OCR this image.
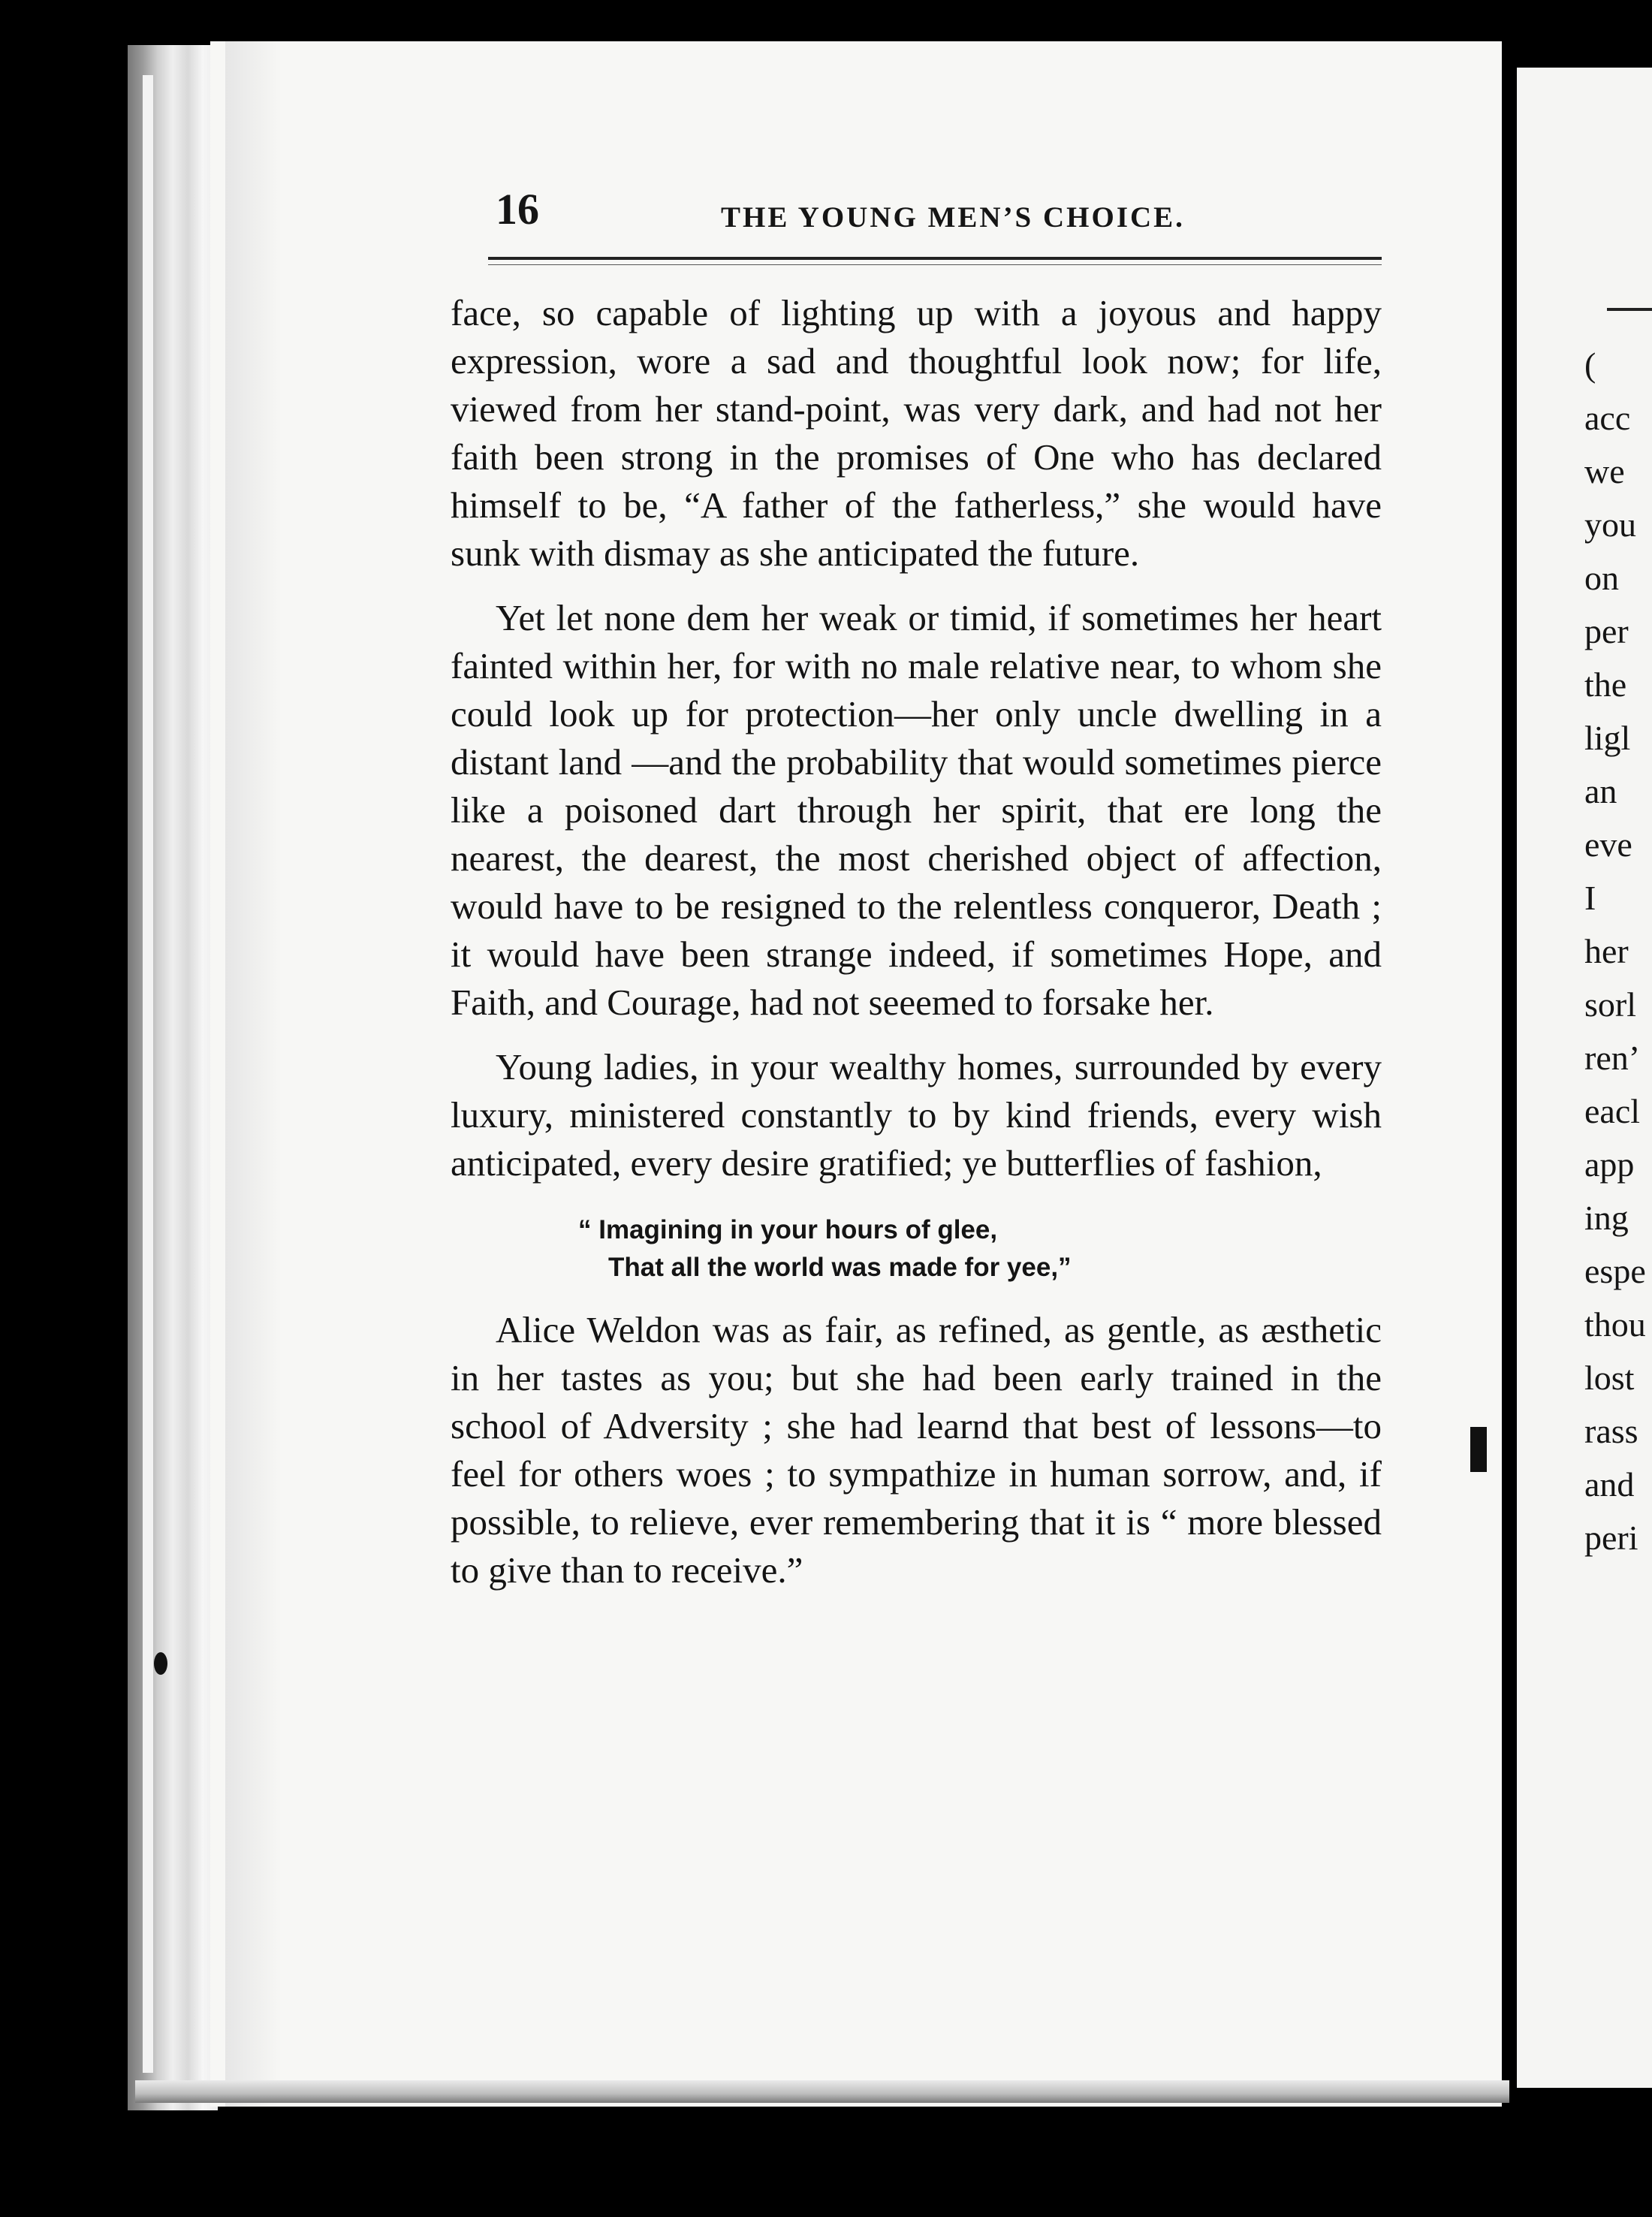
(
acc
we
you
on
per
the
ligl
an
eve
I
her
sorl
ren’
eacl
app
ing
espe
thou
lost
rass
and
peri
16	THE YOUNG MEN’S CHOICE.

face, so capable of lighting up with a joyous and happy expression, wore a sad and thoughtful look now; for life, viewed from her stand-point, was very dark, and had not her faith been strong in the promises of One who has declared himself to be, “A father of the fatherless,” she would have sunk with dismay as she anticipated the future.

Yet let none dem her weak or timid, if sometimes her heart fainted within her, for with no male relative near, to whom she could look up for protection—her only uncle dwelling in a distant land —and the probability that would sometimes pierce like a poisoned dart through her spirit, that ere long the nearest, the dearest, the most cherished object of affection, would have to be resigned to the relentless conqueror, Death ; it would have been strange indeed, if sometimes Hope, and Faith, and Courage, had not seeemed to forsake her.

Young ladies, in your wealthy homes, surrounded by every luxury, ministered constantly to by kind friends, every wish anticipated, every desire gratified; ye butterflies of fashion,

“ Imagining in your hours of glee,
That all the world was made for yee,”

Alice Weldon was as fair, as refined, as gentle, as æsthetic in her tastes as you; but she had been early trained in the school of Adversity ; she had learnd that best of lessons—to feel for others woes ; to sympathize in human sorrow, and, if possible, to relieve, ever remembering that it is “ more blessed to give than to receive.”
